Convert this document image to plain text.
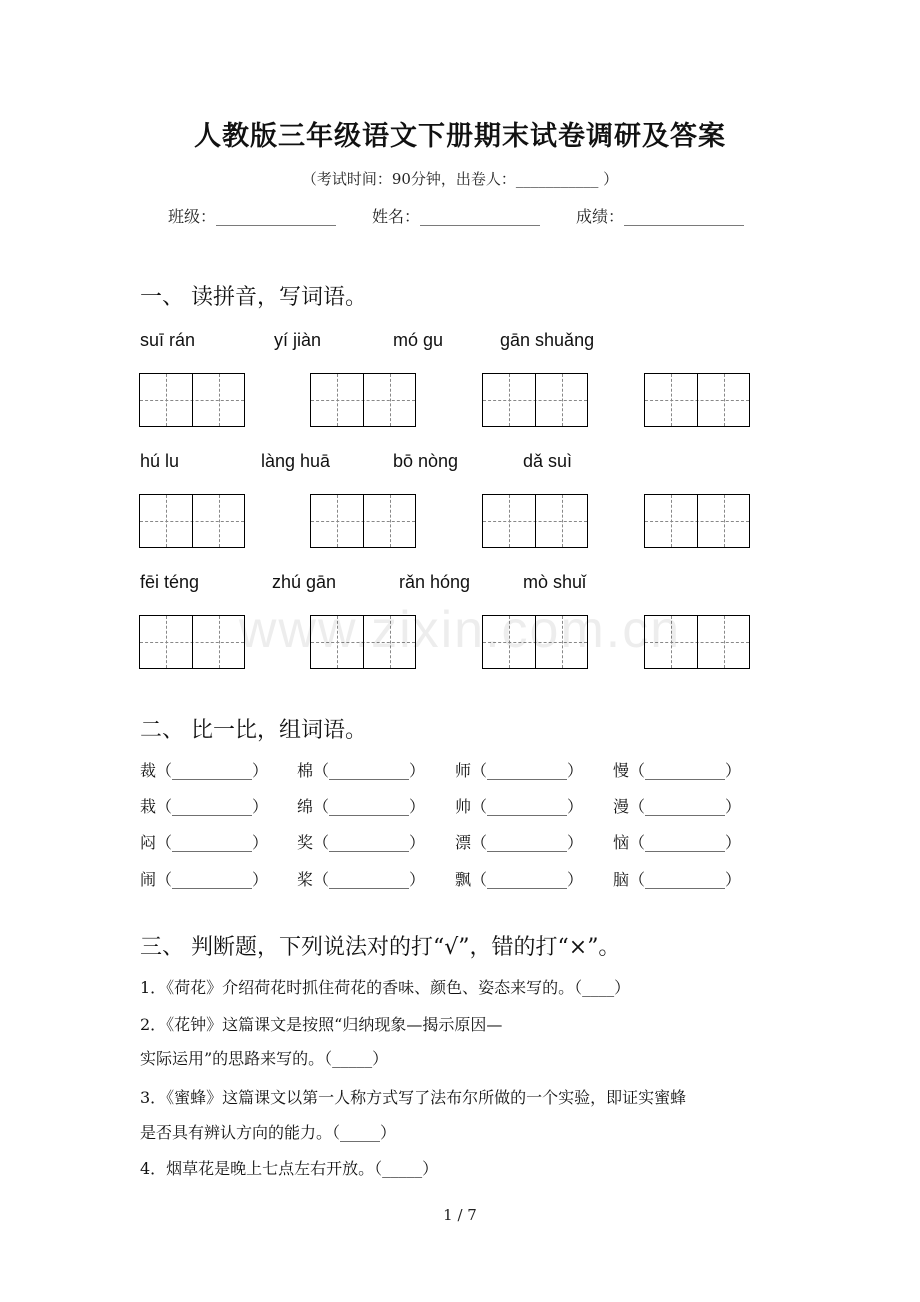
人教版三年级语文下册期末试卷调研及答案
（考试时间：90分钟，出卷人：___________ ）
班级：_______________ 姓名：_______________ 成绩：_______________
一、 读拼音，写词语。
suī rán	yí jiàn	mó gu	gān shuǎng
hú lu	làng huā	bō nòng	dǎ suì
fēi téng	zhú gān	rǎn hóng	mò shuǐ
www.zixin.com.cn
二、 比一比，组词语。
裁（__________） 棉（__________） 师（__________） 慢（__________）
栽（__________） 绵（__________） 帅（__________） 漫（__________）
闷（__________） 奖（__________） 漂（__________） 恼（__________）
闹（__________） 桨（__________） 飘（__________） 脑（__________）
三、 判断题，下列说法对的打“√”，错的打“×”。
1．《荷花》介绍荷花时抓住荷花的香味、颜色、姿态来写的。（____）
2．《花钟》这篇课文是按照“归纳现象—揭示原因—
实际运用”的思路来写的。（_____）
3．《蜜蜂》这篇课文以第一人称方式写了法布尔所做的一个实验，即证实蜜蜂
是否具有辨认方向的能力。（_____）
4．烟草花是晚上七点左右开放。（_____）
1 / 7
